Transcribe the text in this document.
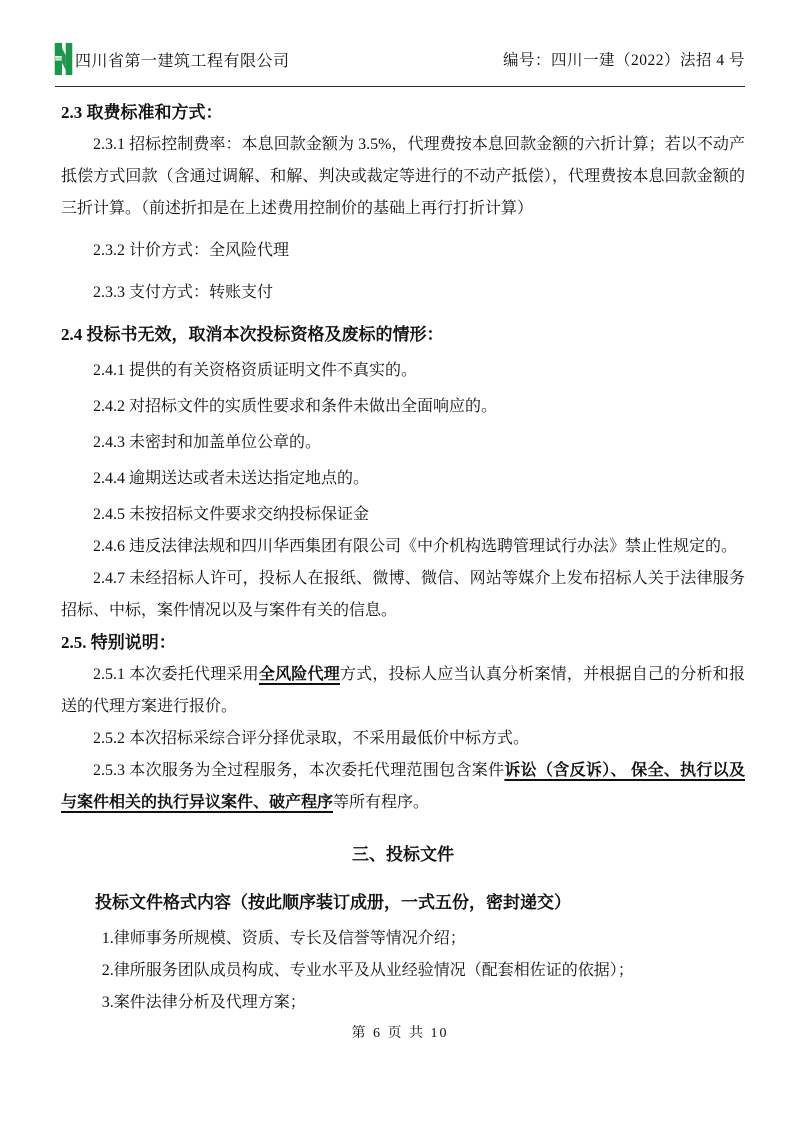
HUAXI 四川省第一建筑工程有限公司	编号：四川一建（2022）法招 4 号

2.3 取费标准和方式：

2.3.1 招标控制费率：本息回款金额为 3.5%，代理费按本息回款金额的六折计算；若以不动产抵偿方式回款（含通过调解、和解、判决或裁定等进行的不动产抵偿），代理费按本息回款金额的三折计算。（前述折扣是在上述费用控制价的基础上再行打折计算）

2.3.2 计价方式：全风险代理

2.3.3 支付方式：转账支付

2.4 投标书无效，取消本次投标资格及废标的情形：

2.4.1 提供的有关资格资质证明文件不真实的。

2.4.2 对招标文件的实质性要求和条件未做出全面响应的。

2.4.3 未密封和加盖单位公章的。

2.4.4 逾期送达或者未送达指定地点的。

2.4.5 未按招标文件要求交纳投标保证金

2.4.6 违反法律法规和四川华西集团有限公司《中介机构选聘管理试行办法》禁止性规定的。

2.4.7 未经招标人许可，投标人在报纸、微博、微信、网站等媒介上发布招标人关于法律服务招标、中标，案件情况以及与案件有关的信息。

2.5. 特别说明：

2.5.1 本次委托代理采用全风险代理方式，投标人应当认真分析案情，并根据自己的分析和报送的代理方案进行报价。

2.5.2 本次招标采综合评分择优录取，不采用最低价中标方式。

2.5.3 本次服务为全过程服务，本次委托代理范围包含案件诉讼（含反诉）、 保全、执行以及与案件相关的执行异议案件、破产程序等所有程序。

三、投标文件

投标文件格式内容（按此顺序装订成册，一式五份，密封递交）

1.律师事务所规模、资质、专长及信誉等情况介绍；

2.律所服务团队成员构成、专业水平及从业经验情况（配套相佐证的依据）；

3.案件法律分析及代理方案；

第 6 页 共 10
